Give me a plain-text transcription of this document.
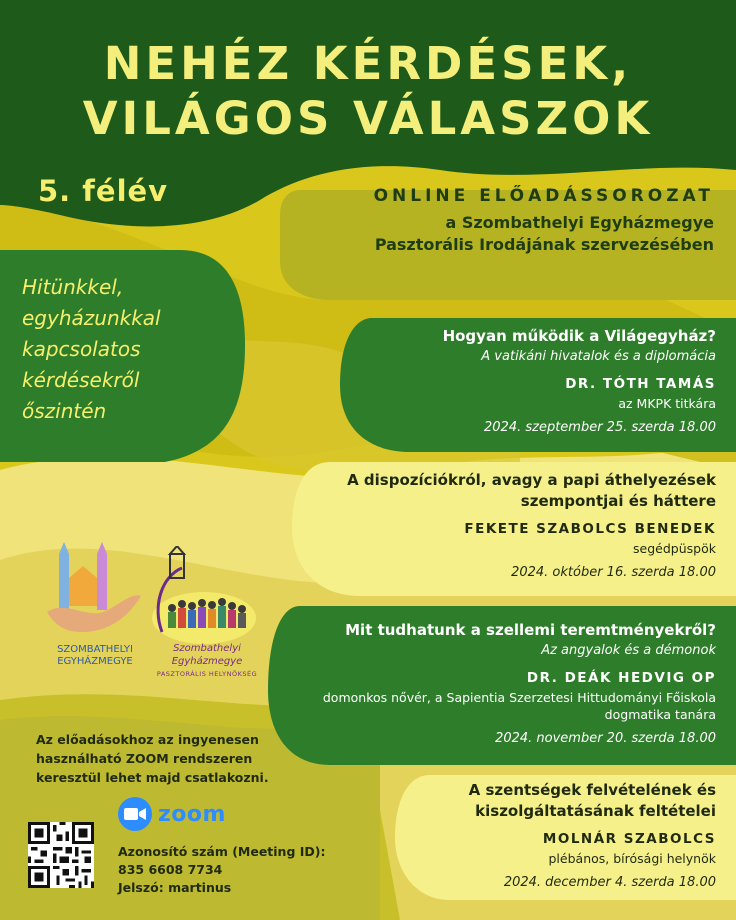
NEHÉZ KÉRDÉSEK,
VILÁGOS VÁLASZOK
5. félév	ONLINE ELŐADÁSSOROZAT
a Szombathelyi Egyházmegye
Pasztorális Irodájának szervezésében
Hitünkkel,
egyházunkkal
kapcsolatos
kérdésekről
őszintén
Hogyan működik a Világegyház?
A vatikáni hivatalok és a diplomácia
DR. TÓTH TAMÁS
az MKPK titkára
2024. szeptember 25. szerda 18.00
A dispozíciókról, avagy a papi áthelyezések
szempontjai és háttere
FEKETE SZABOLCS BENEDEK
segédpüspök
2024. október 16. szerda 18.00
Mit tudhatunk a szellemi teremtményekről?
Az angyalok és a démonok
DR. DEÁK HEDVIG OP
domonkos nővér, a Sapientia Szerzetesi Hittudományi Főiskola
dogmatika tanára
2024. november 20. szerda 18.00
A szentségek felvételének és
kiszolgáltatásának feltételei
MOLNÁR SZABOLCS
plébános, bírósági helynök
2024. december 4. szerda 18.00
SZOMBATHELYI
EGYHÁZMEGYE
Szombathelyi Egyházmegye
PASZTORÁLIS HELYNÖKSÉG
Az előadásokhoz az ingyenesen
használható ZOOM rendszeren
keresztül lehet majd csatlakozni.
zoom
Azonosító szám (Meeting ID):
835 6608 7734
Jelszó: martinus
